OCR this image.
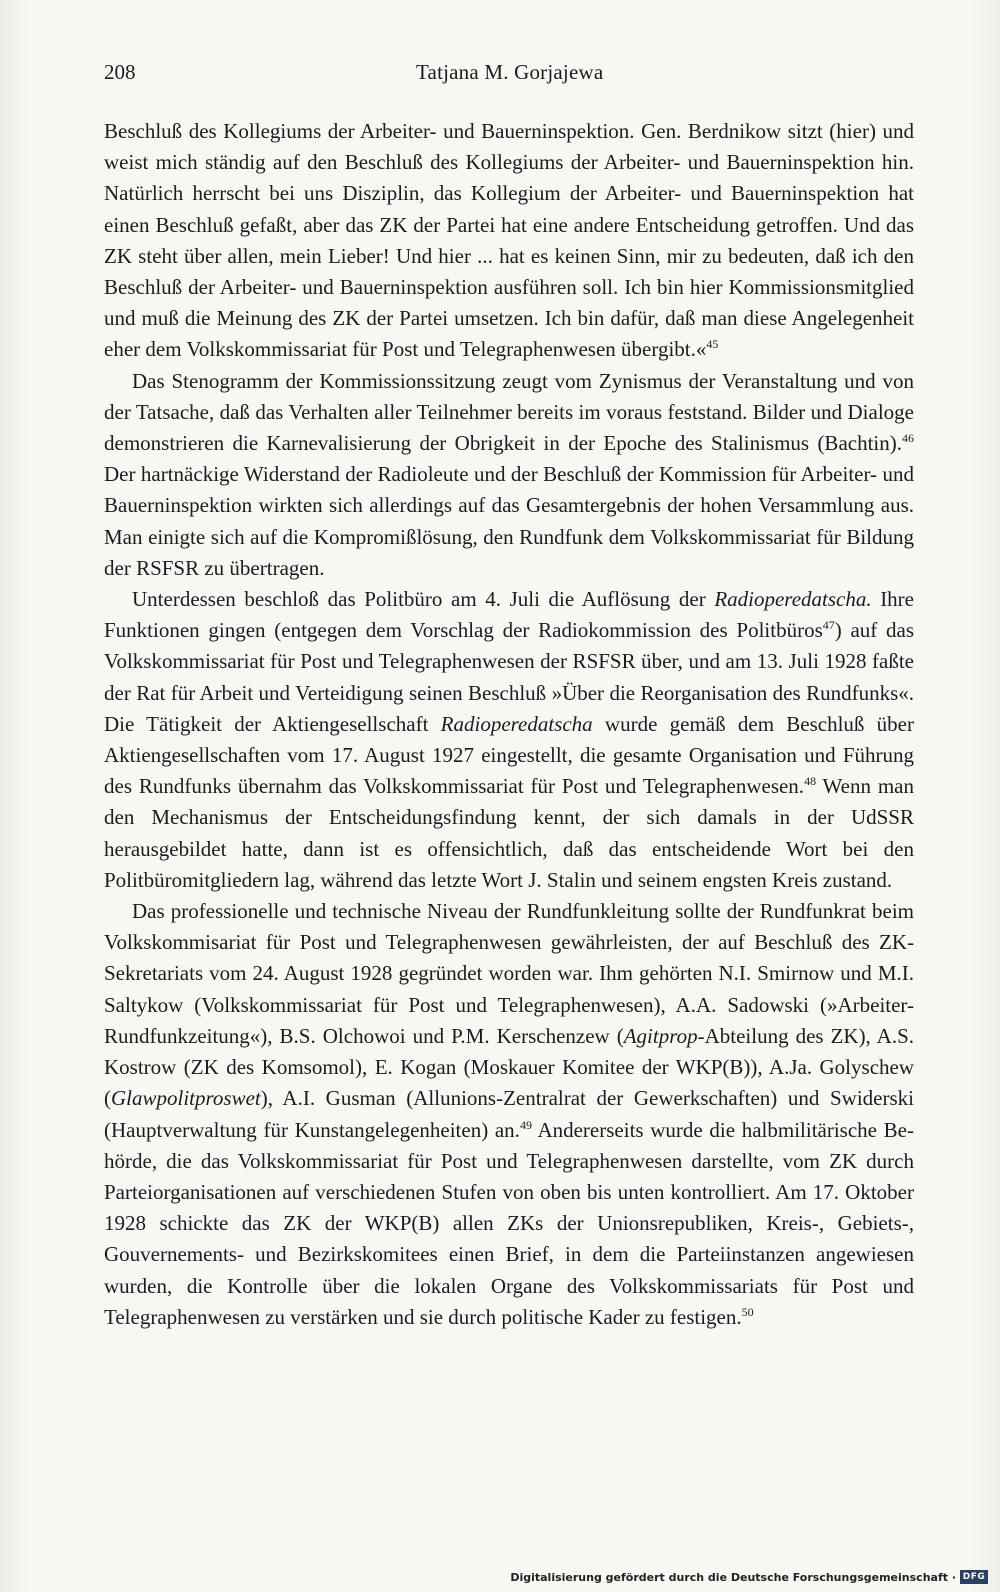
208	Tatjana M. Gorjajewa

Beschluß des Kollegiums der Arbeiter- und Bauerninspektion. Gen. Berdnikow sitzt (hier) und weist mich ständig auf den Beschluß des Kollegiums der Arbeiter- und Bauerninspektion hin. Natürlich herrscht bei uns Disziplin, das Kollegium der Arbeiter- und Bauerninspektion hat einen Beschluß gefaßt, aber das ZK der Partei hat eine andere Entscheidung getroffen. Und das ZK steht über allen, mein Lieber! Und hier ... hat es keinen Sinn, mir zu bedeuten, daß ich den Beschluß der Arbeiter- und Bauerninspektion ausführen soll. Ich bin hier Kommissionsmitglied und muß die Meinung des ZK der Partei umsetzen. Ich bin dafür, daß man diese Angelegenheit eher dem Volkskommissariat für Post und Telegraphenwesen übergibt.«$^{45}$

Das Stenogramm der Kommissionssitzung zeugt vom Zynismus der Veranstaltung und von der Tatsache, daß das Verhalten aller Teilnehmer bereits im voraus feststand. Bilder und Dialoge demonstrieren die Karnevalisierung der Obrigkeit in der Epoche des Stalinismus (Bachtin).$^{46}$ Der hartnäckige Widerstand der Radioleute und der Beschluß der Kommission für Arbeiter- und Bauerninspektion wirkten sich allerdings auf das Gesamtergebnis der hohen Versammlung aus. Man einigte sich auf die Kompromißlösung, den Rundfunk dem Volkskommissariat für Bildung der RSFSR zu übertragen.

Unterdessen beschloß das Politbüro am 4. Juli die Auflösung der Radioperedatscha. Ihre Funktionen gingen (entgegen dem Vorschlag der Radiokommission des Politbüros$^{47}$) auf das Volkskommissariat für Post und Telegraphenwesen der RSFSR über, und am 13. Juli 1928 faßte der Rat für Arbeit und Verteidigung seinen Beschluß »Über die Reorganisation des Rundfunks«. Die Tätigkeit der Aktiengesellschaft Radioperedatscha wurde gemäß dem Beschluß über Aktiengesellschaften vom 17. August 1927 eingestellt, die gesamte Organisation und Führung des Rundfunks übernahm das Volkskommissariat für Post und Telegraphenwesen.$^{48}$ Wenn man den Mechanismus der Entscheidungsfindung kennt, der sich damals in der UdSSR herausgebildet hatte, dann ist es offensichtlich, daß das entscheidende Wort bei den Politbüromitgliedern lag, während das letzte Wort J. Stalin und seinem engsten Kreis zustand.

Das professionelle und technische Niveau der Rundfunkleitung sollte der Rundfunkrat beim Volkskommisariat für Post und Telegraphenwesen gewährleisten, der auf Beschluß des ZK-Sekretariats vom 24. August 1928 gegründet worden war. Ihm gehörten N.I. Smirnow und M.I. Saltykow (Volkskommissariat für Post und Telegraphenwesen), A.A. Sadowski (»Arbeiter-Rundfunkzeitung«), B.S. Olchowoi und P.M. Kerschenzew (Agitprop-Abteilung des ZK), A.S. Kostrow (ZK des Komsomol), E. Kogan (Moskauer Komitee der WKP(B)), A.Ja. Golyschew (Glawpolitproswet), A.I. Gusman (Allunions-Zentralrat der Gewerkschaften) und Swiderski (Hauptverwaltung für Kunstangelegenheiten) an.$^{49}$ Andererseits wurde die halbmilitärische Behörde, die das Volkskommissariat für Post und Telegraphenwesen darstellte, vom ZK durch Parteiorganisationen auf verschiedenen Stufen von oben bis unten kontrolliert. Am 17. Oktober 1928 schickte das ZK der WKP(B) allen ZKs der Unionsrepubliken, Kreis-, Gebiets-, Gouvernements- und Bezirkskomitees einen Brief, in dem die Parteiinstanzen angewiesen wurden, die Kontrolle über die lokalen Organe des Volkskommissariats für Post und Telegraphenwesen zu verstärken und sie durch politische Kader zu festigen.$^{50}$

Digitalisierung gefördert durch die Deutsche Forschungsgemeinschaft · DFG
